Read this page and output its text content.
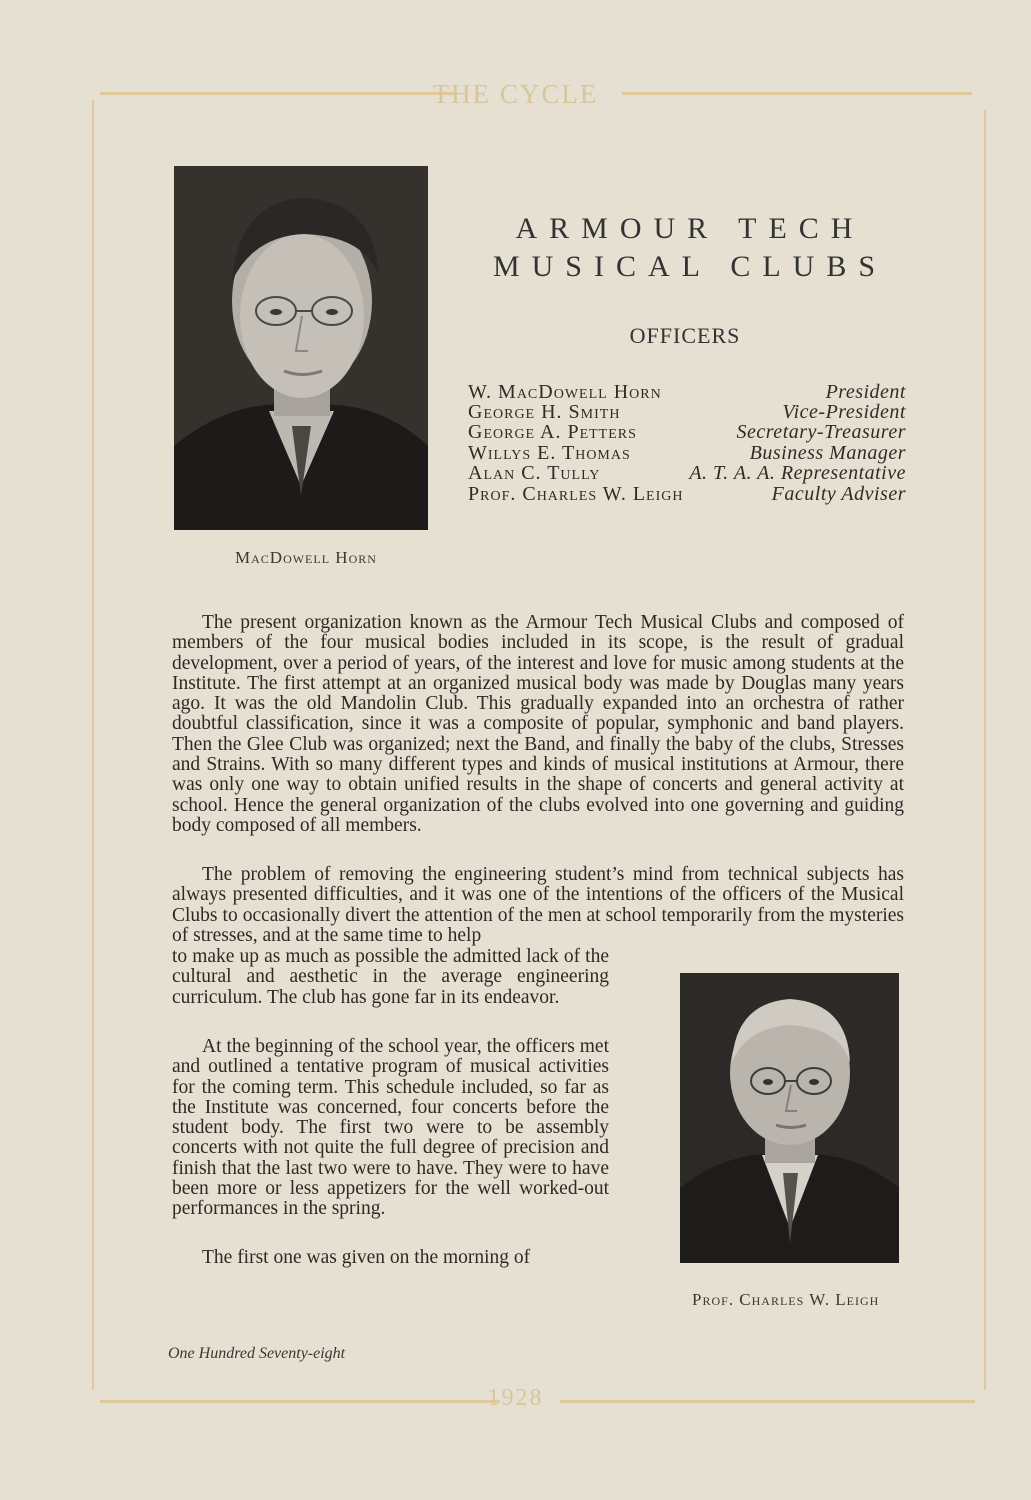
THE CYCLE
1928
MacDowell Horn
ARMOUR TECH
MUSICAL CLUBS
OFFICERS
W. MacDowell Horn	President
George H. Smith	Vice-President
George A. Petters	Secretary-Treasurer
Willys E. Thomas	Business Manager
Alan C. Tully	A. T. A. A. Representative
Prof. Charles W. Leigh	Faculty Adviser

The present organization known as the Armour Tech Musical Clubs and composed of members of the four musical bodies included in its scope, is the result of gradual development, over a period of years, of the interest and love for music among students at the Institute. The first attempt at an organized musical body was made by Douglas many years ago. It was the old Mandolin Club. This gradually expanded into an orchestra of rather doubtful classification, since it was a composite of popular, symphonic and band players. Then the Glee Club was organized; next the Band, and finally the baby of the clubs, Stresses and Strains. With so many different types and kinds of musical institutions at Armour, there was only one way to obtain unified results in the shape of concerts and general activity at school. Hence the general organization of the clubs evolved into one governing and guiding body composed of all members.

The problem of removing the engineering student’s mind from technical subjects has always presented difficulties, and it was one of the intentions of the officers of the Musical Clubs to occasionally divert the attention of the men at school temporarily from the mysteries of stresses, and at the same time to help

to make up as much as possible the admitted lack of the cultural and aesthetic in the average engineering curriculum. The club has gone far in its endeavor.

At the beginning of the school year, the officers met and outlined a tentative program of musical activities for the coming term. This schedule included, so far as the Institute was concerned, four concerts before the student body. The first two were to be assembly concerts with not quite the full degree of precision and finish that the last two were to have. They were to have been more or less appetizers for the well worked-out performances in the spring.

The first one was given on the morning of

Prof. Charles W. Leigh
One Hundred Seventy-eight
